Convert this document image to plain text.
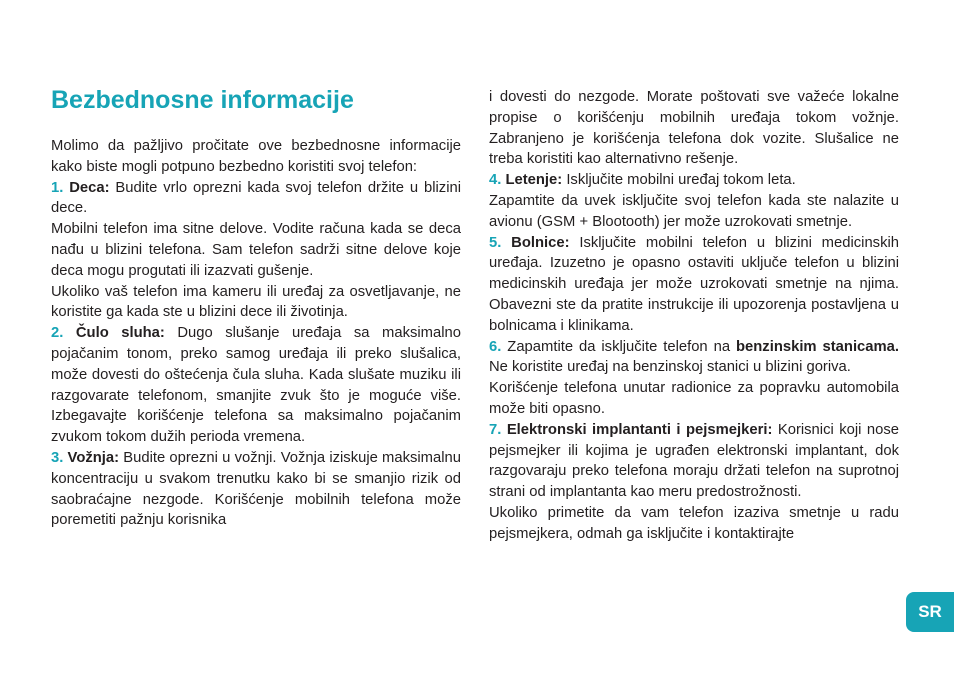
Bezbednosne informacije

Molimo da pažljivo pročitate ove bezbednosne informacije kako biste mogli potpuno bezbedno koristiti svoj telefon:

1. Deca: Budite vrlo oprezni kada svoj telefon držite u blizini dece.

Mobilni telefon ima sitne delove. Vodite računa kada se deca nađu u blizini telefona. Sam telefon sadrži sitne delove koje deca mogu progutati ili izazvati gušenje.

Ukoliko vaš telefon ima kameru ili uređaj za osvetljavanje, ne koristite ga kada ste u blizini dece ili životinja.

2. Čulo sluha: Dugo slušanje uređaja sa maksimalno pojačanim tonom, preko samog uređaja ili preko slušalica, može dovesti do oštećenja čula sluha. Kada slušate muziku ili razgovarate telefonom, smanjite zvuk što je moguće više. Izbegavajte korišćenje telefona sa maksimalno pojačanim zvukom tokom dužih perioda vremena.

3. Vožnja: Budite oprezni u vožnji. Vožnja iziskuje maksimalnu koncentraciju u svakom trenutku kako bi se smanjio rizik od saobraćajne nezgode. Korišćenje mobilnih telefona može poremetiti pažnju korisnika

i dovesti do nezgode. Morate poštovati sve važeće lokalne propise o korišćenju mobilnih uređaja tokom vožnje. Zabranjeno je korišćenja telefona dok vozite. Slušalice ne treba koristiti kao alternativno rešenje.

4. Letenje: Isključite mobilni uređaj tokom leta.

Zapamtite da uvek isključite svoj telefon kada ste nalazite u avionu (GSM + Blootooth) jer može uzrokovati smetnje.

5. Bolnice: Isključite mobilni telefon u blizini medicinskih uređaja. Izuzetno je opasno ostaviti uključe telefon u blizini medicinskih uređaja jer može uzrokovati smetnje na njima. Obavezni ste da pratite instrukcije ili upozorenja postavljena u bolnicama i klinikama.

6. Zapamtite da isključite telefon na benzinskim stanicama. Ne koristite uređaj na benzinskoj stanici u blizini goriva.

Korišćenje telefona unutar radionice za popravku automobila može biti opasno.

7. Elektronski implantanti i pejsmejkeri: Korisnici koji nose pejsmejker ili kojima je ugrađen elektronski implantant, dok razgovaraju preko telefona moraju držati telefon na suprotnoj strani od implantanta kao meru predostrožnosti.

Ukoliko primetite da vam telefon izaziva smetnje u radu pejsmejkera, odmah ga isključite i kontaktirajte

SR
